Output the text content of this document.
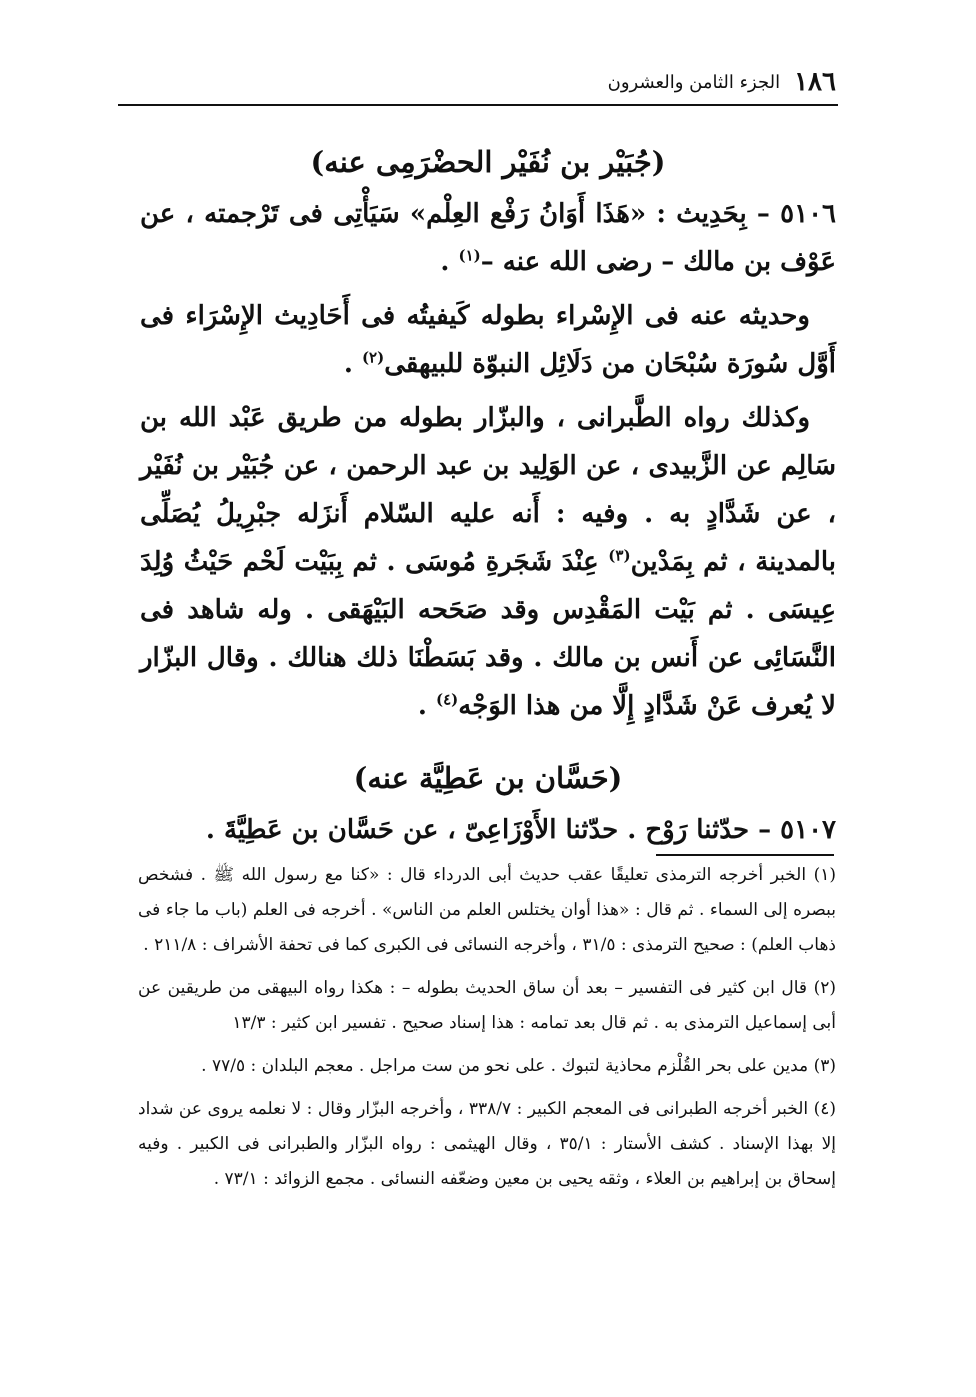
١٨٦
الجزء الثامن والعشرون
(جُبَيْر بن نُفَيْر الحضْرَمِى عنه)

٥١٠٦ – بِحَدِيث : «هَذَا أَوَانُ رَفْع العِلْم» سَيَأْتِى فى تَرْجمته ، عن عَوْف بن مالك – رضى الله عنه –$^{(١)}$ .

وحديثه عنه فى الإِسْراء بطوله كَيفيتُه فى أَحَادِيث الإِسْرَاء فى أَوَّل سُورَة سُبْحَان من دَلَائِل النبوّة للبيهقى$^{(٢)}$ .

وكذلك رواه الطَّبرانى ، والبزّار بطوله من طريق عَبْد الله بن سَالِم عن الزَّبيدى ، عن الوَلِيد بن عبد الرحمن ، عن جُبَيْر بن نُفَيْر ، عن شَدَّادٍ به . وفيه : أَنه عليه السّلام أَنزَله جبْرِيلُ يُصَلِّى بالمدينة ، ثم بِمَدْين$^{(٣)}$ عِنْدَ شَجَرةِ مُوسَى . ثم بِبَيْت لَحْم حَيْثُ وُلِدَ عِيسَى . ثم بَيْت المَقْدِس وقد صَحَحه البَيْهَقى . وله شاهد فى النَّسَائِى عن أَنس بن مالك . وقد بَسَطْنَا ذلك هنالك . وقال البزّار لا يُعرف عَنْ شَدَّادٍ إِلَّا من هذا الوَجْه$^{(٤)}$ .

(حَسَّان بن عَطِيَّة عنه)

٥١٠٧ – حدّثنا رَوْح . حدّثنا الأَوْزَاعِىّ ، عن حَسَّان بن عَطِيَّةَ .

(١) الخبر أخرجه الترمذى تعليقًا عقب حديث أبى الدرداء قال : «كنا مع رسول الله ﷺ . فشخص ببصره إلى السماء . ثم قال : «هذا أوان يختلس العلم من الناس» . أخرجه فى العلم (باب ما جاء فى ذهاب العلم) : صحيح الترمذى : ٣١/٥ ، وأخرجه النسائى فى الكبرى كما فى تحفة الأشراف : ٢١١/٨ .

(٢) قال ابن كثير فى التفسير – بعد أن ساق الحديث بطوله – : هكذا رواه البيهقى من طريقين عن أبى إسماعيل الترمذى به . ثم قال بعد تمامه : هذا إسناد صحيح . تفسير ابن كثير : ١٣/٣

(٣) مدين على بحر القُلْزم محاذية لتبوك . على نحو من ست مراجل . معجم البلدان : ٧٧/٥ .

(٤) الخبر أخرجه الطبرانى فى المعجم الكبير : ٣٣٨/٧ ، وأخرجه البزّار وقال : لا نعلمه يروى عن شداد إلا بهذا الإسناد . كشف الأستار : ٣٥/١ ، وقال الهيثمى : رواه البزّار والطبرانى فى الكبير . وفيه إسحاق بن إبراهيم بن العلاء ، وثقه يحيى بن معين وضعّفه النسائى . مجمع الزوائد : ٧٣/١ .
